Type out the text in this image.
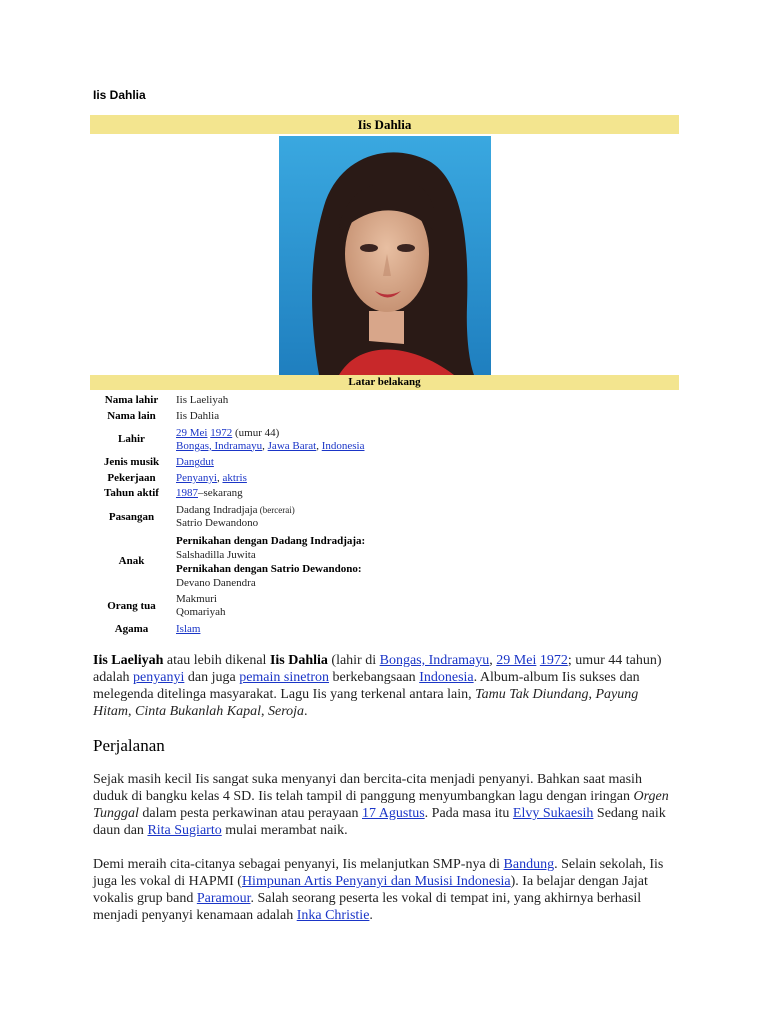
Iis Dahlia
Iis Dahlia
Latar belakang
Nama lahir	Iis Laeliyah
Nama lain	Iis Dahlia
Lahir	29 Mei 1972 (umur 44)
Bongas, Indramayu, Jawa Barat, Indonesia
Jenis musik	Dangdut
Pekerjaan	Penyanyi, aktris
Tahun aktif	1987–sekarang
Pasangan	Dadang Indradjaja (bercerai)
Satrio Dewandono
Anak	Pernikahan dengan Dadang Indradjaja:
Salshadilla Juwita
Pernikahan dengan Satrio Dewandono:
Devano Danendra
Orang tua	Makmuri
Qomariyah
Agama	Islam
Iis Laeliyah atau lebih dikenal Iis Dahlia (lahir di Bongas, Indramayu, 29 Mei 1972; umur 44 tahun) adalah penyanyi dan juga pemain sinetron berkebangsaan Indonesia. Album-album Iis sukses dan melegenda ditelinga masyarakat. Lagu Iis yang terkenal antara lain, Tamu Tak Diundang, Payung Hitam, Cinta Bukanlah Kapal, Seroja.
Perjalanan
Sejak masih kecil Iis sangat suka menyanyi dan bercita-cita menjadi penyanyi. Bahkan saat masih duduk di bangku kelas 4 SD. Iis telah tampil di panggung menyumbangkan lagu dengan iringan Orgen Tunggal dalam pesta perkawinan atau perayaan 17 Agustus. Pada masa itu Elvy Sukaesih Sedang naik daun dan Rita Sugiarto mulai merambat naik.
Demi meraih cita-citanya sebagai penyanyi, Iis melanjutkan SMP-nya di Bandung. Selain sekolah, Iis juga les vokal di HAPMI (Himpunan Artis Penyanyi dan Musisi Indonesia). Ia belajar dengan Jajat vokalis grup band Paramour. Salah seorang peserta les vokal di tempat ini, yang akhirnya berhasil menjadi penyanyi kenamaan adalah Inka Christie.
